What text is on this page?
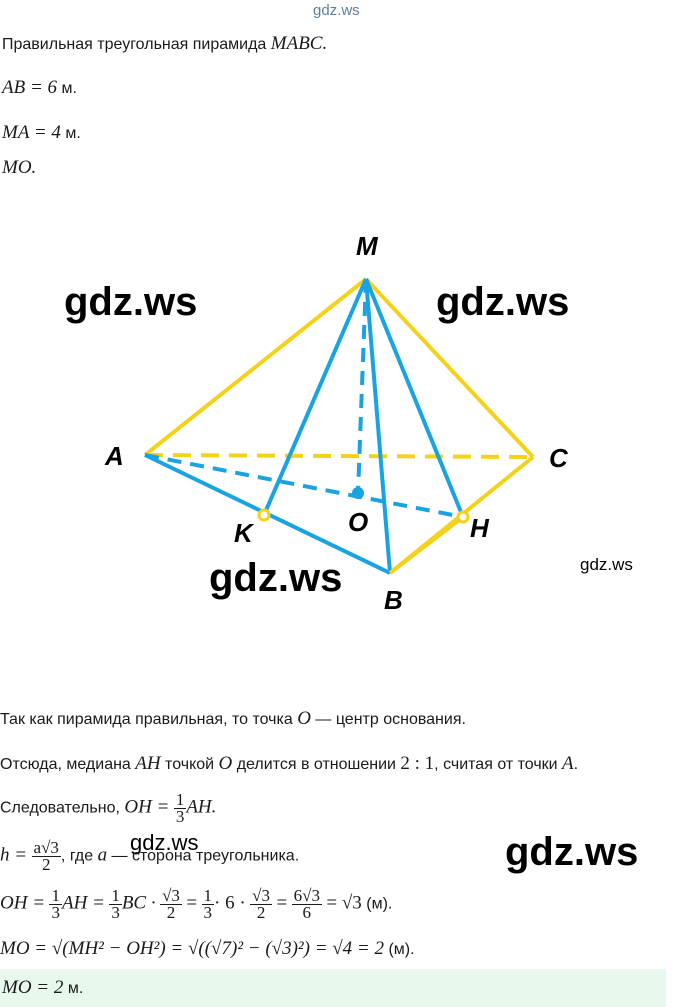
gdz.ws
Правильная треугольная пирамида MABC.
AB = 6 м.
MA = 4 м.
MO.
M
A	C
K	O	H
B
gdz.ws	gdz.ws
gdz.ws	gdz.ws
Так как пирамида правильная, то точка O — центр основания.
Отсюда, медиана AH точкой O делится в отношении 2 : 1, считая от точки A.
Следовательно, OH = $\frac{1}{3}$ AH.
gdz.ws	gdz.ws
$h = \frac{a√3}{2}$ , где a — сторона треугольника.
OH = $\frac{1}{3}$ AH = $\frac{1}{3}$ BC · $\frac{√3}{2} = \frac{1}{3} \cdot 6 \cdot \frac{√3}{2} = \frac{6√3}{6} = √3$ (м).
MO = √(MH² − OH²) = √((√7)² − (√3)²) = √4 = 2 (м).
MO = 2 м.
